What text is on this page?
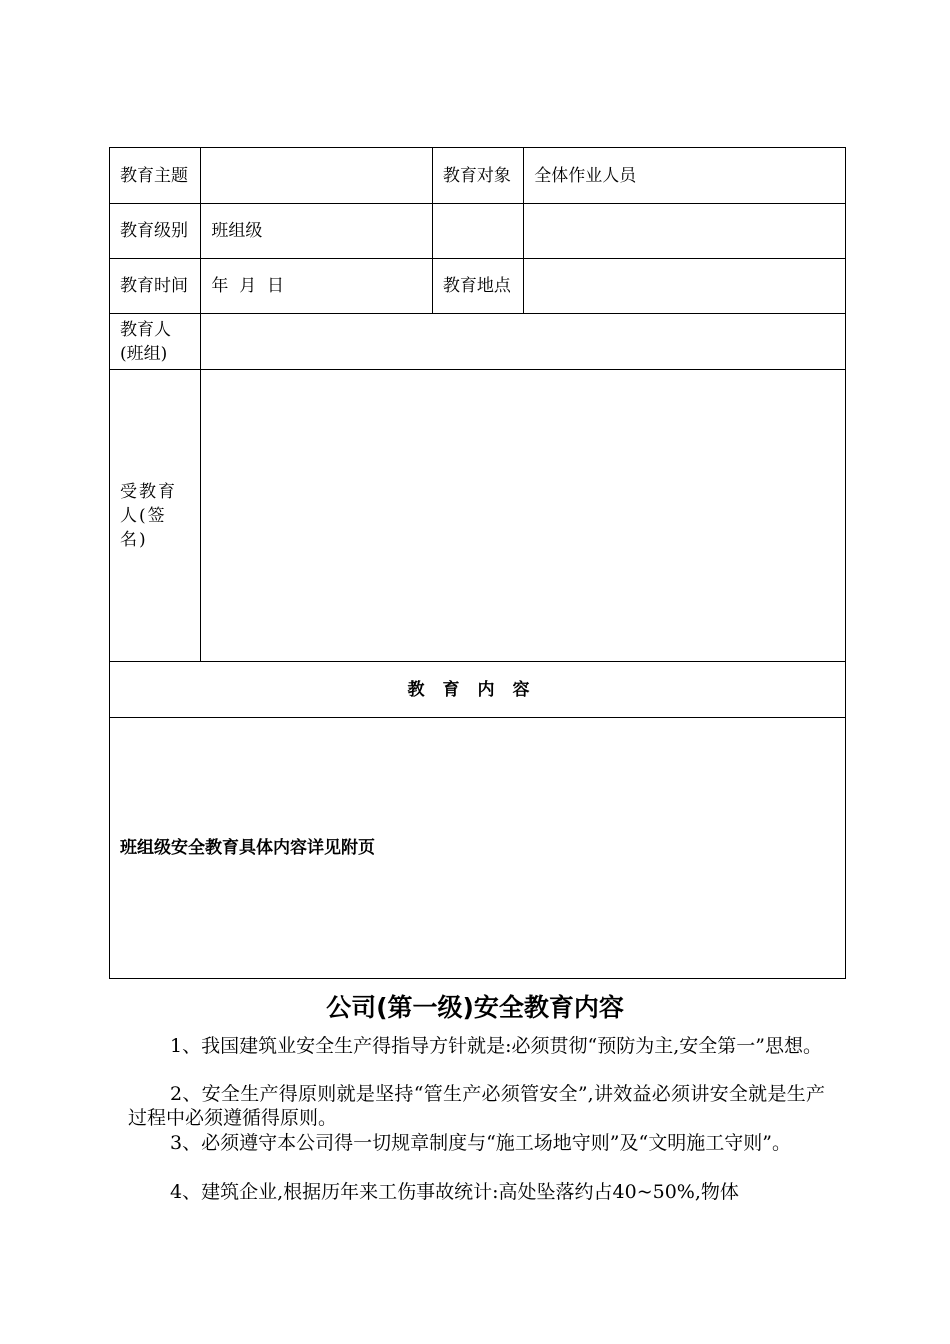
教育主题		教育对象	全体作业人员
教育级别	班组级		
教育时间	年  月  日	教育地点	
教育人(班组)			
受教育人(签名)			
教育内容			
班组级安全教育具体内容详见附页			
公司(第一级)安全教育内容

1、我国建筑业安全生产得指导方针就是:必须贯彻“预防为主,安全第一”思想。

2、安全生产得原则就是坚持“管生产必须管安全”,讲效益必须讲安全就是生产过程中必须遵循得原则。

3、必须遵守本公司得一切规章制度与“施工场地守则”及“文明施工守则”。

4、建筑企业,根据历年来工伤事故统计:高处坠落约占40~50%,物体
